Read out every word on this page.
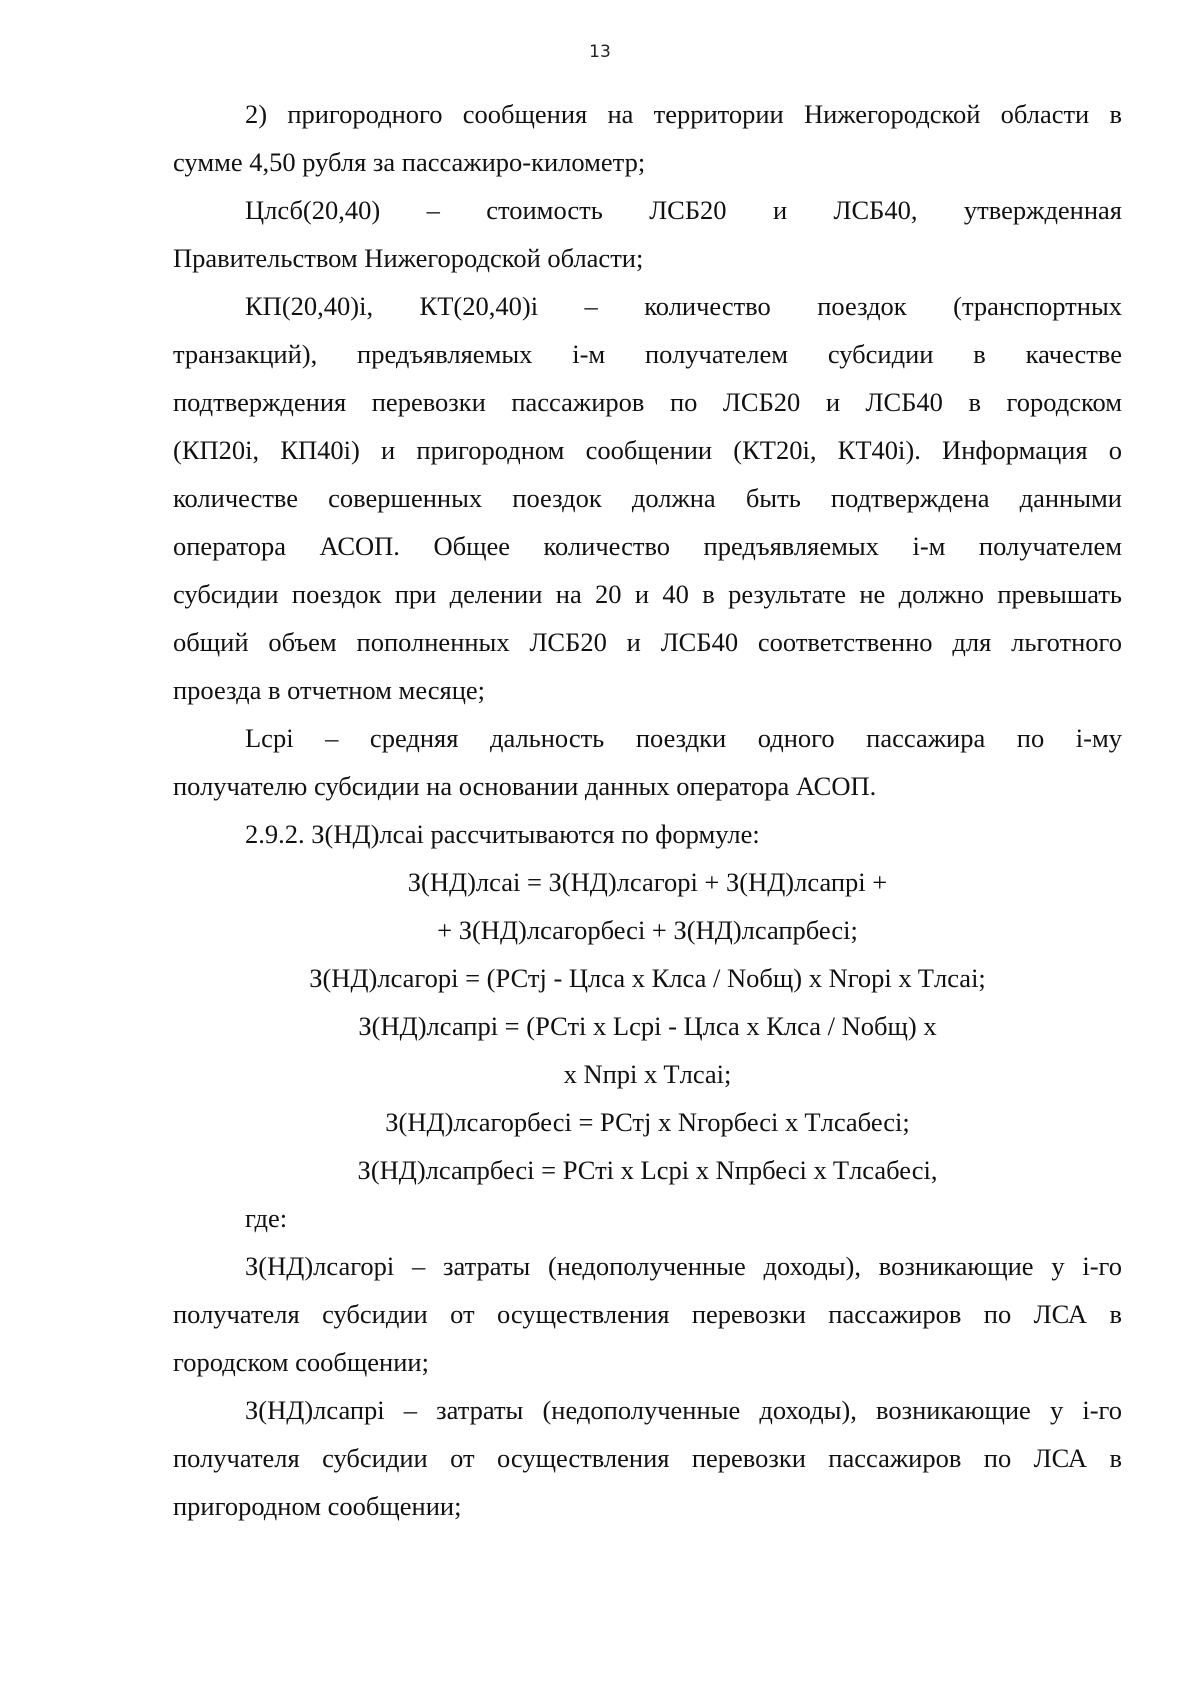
13

2) пригородного сообщения на территории Нижегородской области в

сумме 4,50 рубля за пассажиро-километр;

Цлсб(20,40) – стоимость ЛСБ20 и ЛСБ40, утвержденная

Правительством Нижегородской области;

КП(20,40)i, КТ(20,40)i – количество поездок (транспортных

транзакций), предъявляемых i-м получателем субсидии в качестве

подтверждения перевозки пассажиров по ЛСБ20 и ЛСБ40 в городском

(КП20i, КП40i) и пригородном сообщении (КТ20i, КТ40i). Информация о

количестве совершенных поездок должна быть подтверждена данными

оператора АСОП. Общее количество предъявляемых i-м получателем

субсидии поездок при делении на 20 и 40 в результате не должно превышать

общий объем пополненных ЛСБ20 и ЛСБ40 соответственно для льготного

проезда в отчетном месяце;

Lcpi – средняя дальность поездки одного пассажира по i-му

получателю субсидии на основании данных оператора АСОП.

2.9.2. З(НД)лсаi рассчитываются по формуле:

З(НД)лсаi = З(НД)лсагорi + З(НД)лсапрi +

+ З(НД)лсагорбесi + З(НД)лсапрбесi;

З(НД)лсагорi = (РСтj - Цлса x Клса / Nобщ) x Nгорi x Tлсаi;

З(НД)лсапрi = (РСтi x Lcpi - Цлса x Клса / Nобщ) x

x Nпрi x Tлсаi;

З(НД)лсагорбесi = РСтj x Nгорбесi x Tлсабесi;

З(НД)лсапрбесi = РСтi x Lcpi x Nпрбесi x Tлсабесi,

где:

З(НД)лсагорi – затраты (недополученные доходы), возникающие у i-го

получателя субсидии от осуществления перевозки пассажиров по ЛСА в

городском сообщении;

З(НД)лсапрi – затраты (недополученные доходы), возникающие у i-го

получателя субсидии от осуществления перевозки пассажиров по ЛСА в

пригородном сообщении;
